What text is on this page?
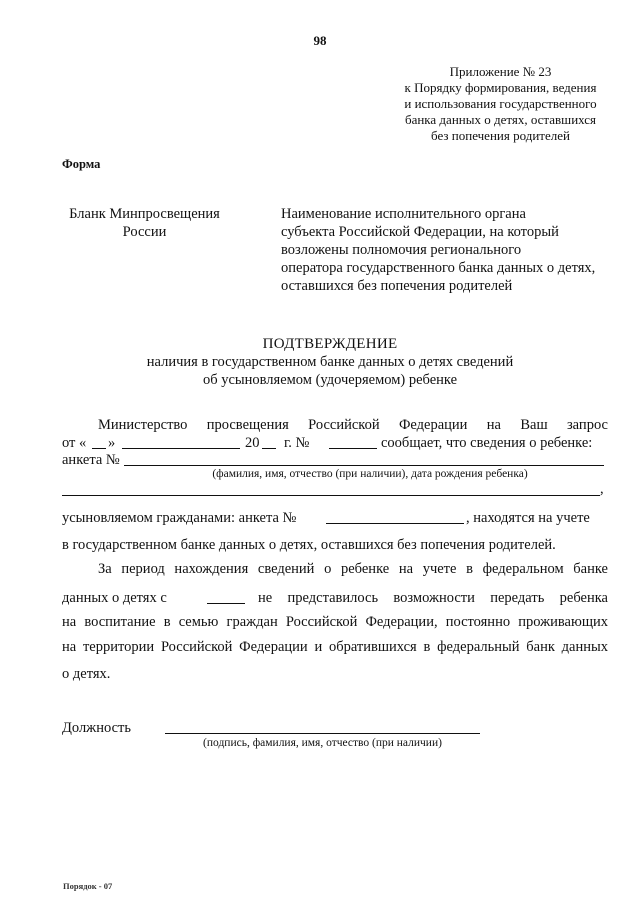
98
Приложение № 23
к Порядку формирования, ведения
и использования государственного
банка данных о детях, оставшихся
без попечения родителей
Форма
Бланк Минпросвещения
России
Наименование исполнительного органа
субъекта Российской Федерации, на который
возложены полномочия регионального
оператора государственного банка данных о детях,
оставшихся без попечения родителей
ПОДТВЕРЖДЕНИЕ
наличия в государственном банке данных о детях сведений
об усыновляемом (удочеряемом) ребенке
Министерство просвещения Российской Федерации на Ваш запрос
от « »	20 г. №	сообщает, что сведения о ребенке:
анкета №
(фамилия, имя, отчество (при наличии), дата рождения ребенка)
,
усыновляемом гражданами: анкета №	, находятся на учете
в государственном банке данных о детях, оставшихся без попечения родителей.
За период нахождения сведений о ребенке на учете в федеральном банке
данных о детях с	не представилось возможности передать ребенка
на воспитание в семью граждан Российской Федерации, постоянно проживающих
на территории Российской Федерации и обратившихся в федеральный банк данных
о детях.
Должность
(подпись, фамилия, имя, отчество (при наличии)
Порядок - 07
